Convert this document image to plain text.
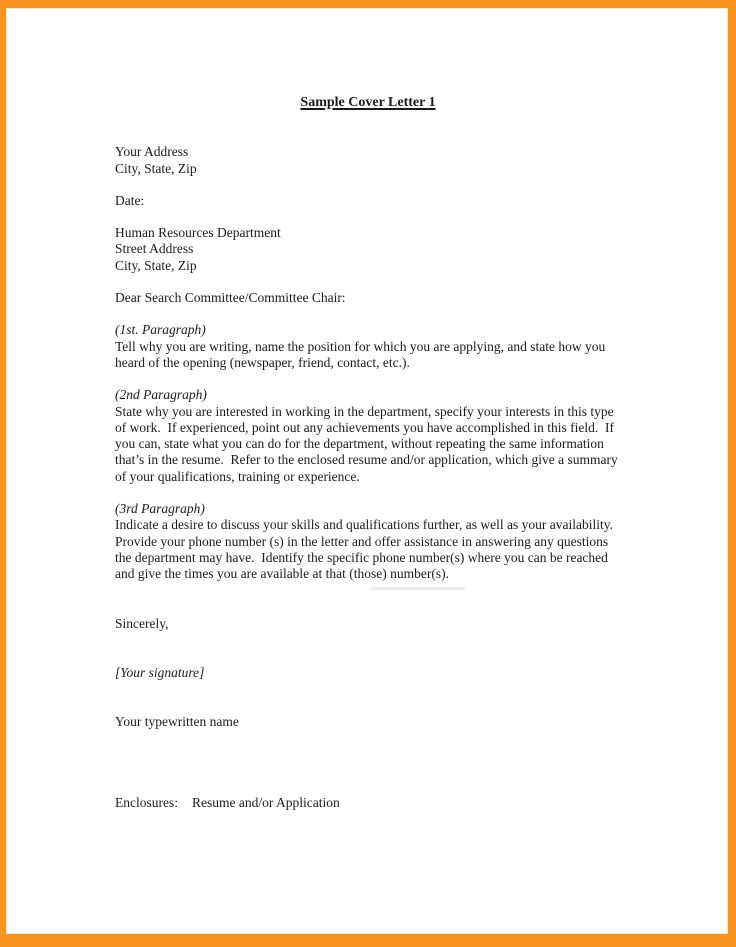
Sample Cover Letter 1
Your Address
City, State, Zip
Date:
Human Resources Department
Street Address
City, State, Zip
Dear Search Committee/Committee Chair:
(1st. Paragraph)
Tell why you are writing, name the position for which you are applying, and state how you heard of the opening (newspaper, friend, contact, etc.).
(2nd Paragraph)
State why you are interested in working in the department, specify your interests in this type of work.  If experienced, point out any achievements you have accomplished in this field.  If you can, state what you can do for the department, without repeating the same information that’s in the resume.  Refer to the enclosed resume and/or application, which give a summary of your qualifications, training or experience.
(3rd Paragraph)
Indicate a desire to discuss your skills and qualifications further, as well as your availability.  Provide your phone number (s) in the letter and offer assistance in answering any questions the department may have.  Identify the specific phone number(s) where you can be reached and give the times you are available at that (those) number(s).
Sincerely,
[Your signature]
Your typewritten name
Enclosures: Resume and/or Application
